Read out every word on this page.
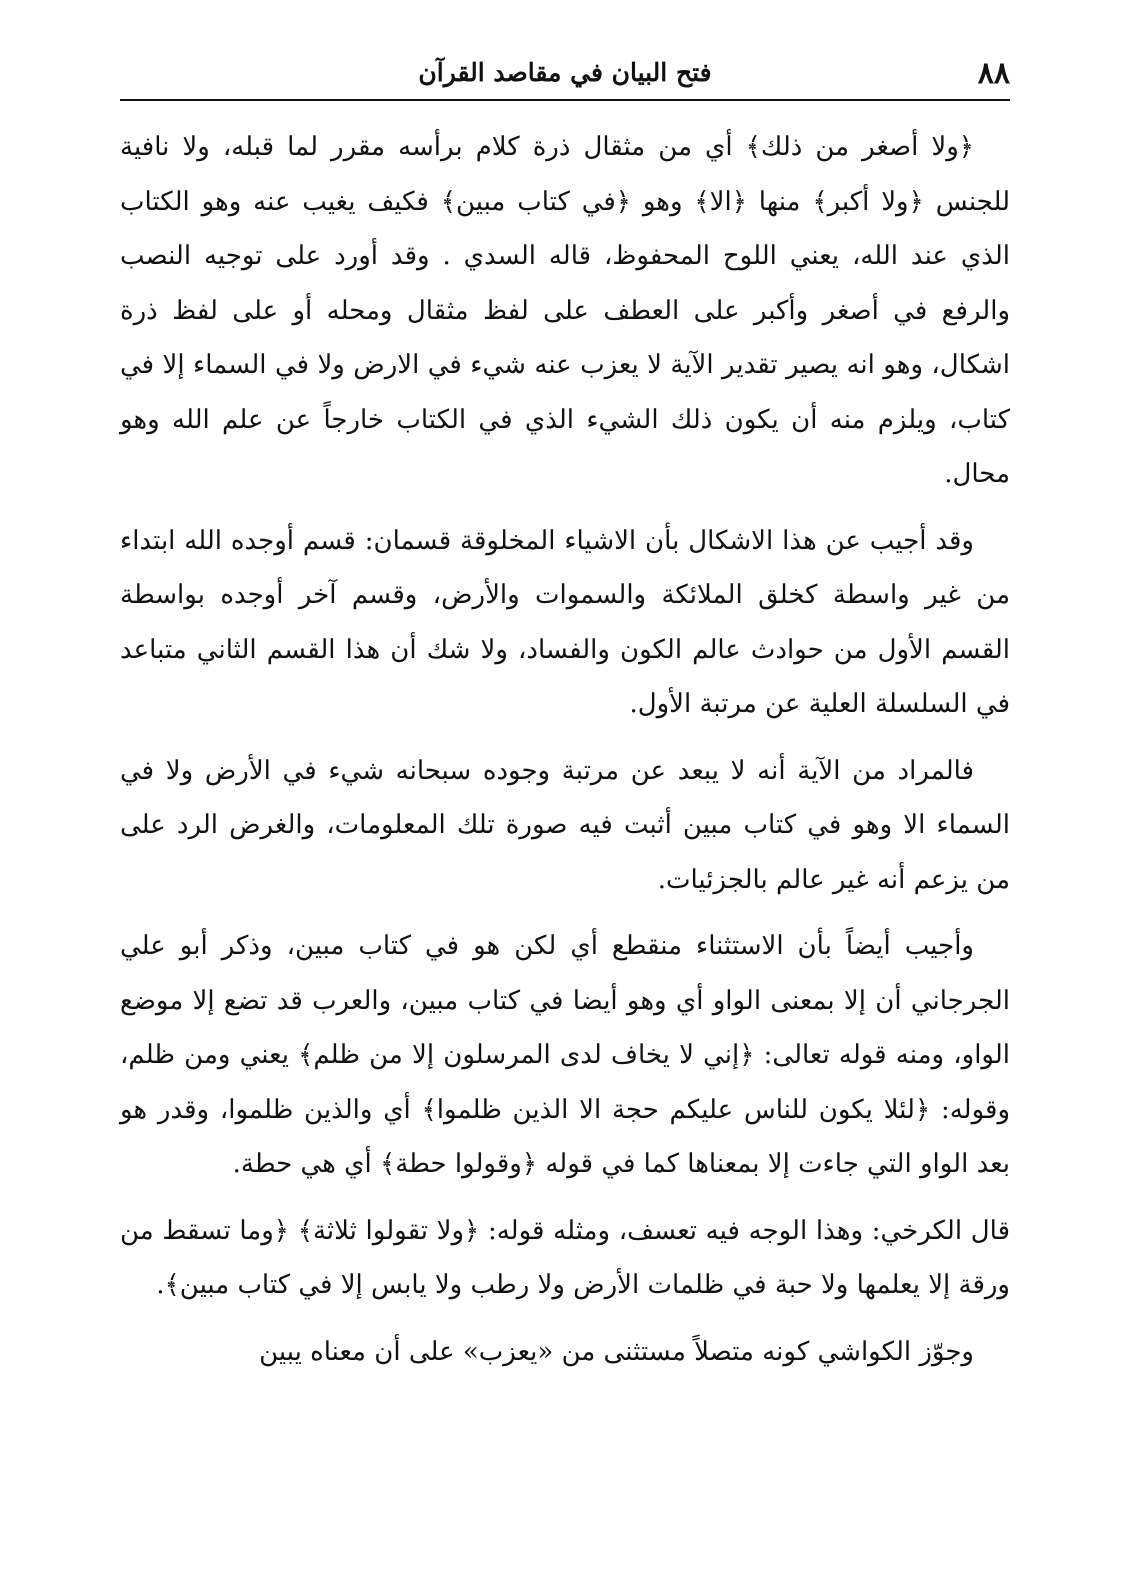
٨٨
فتح البيان في مقاصد القرآن

﴿ولا أصغر من ذلك﴾ أي من مثقال ذرة كلام برأسه مقرر لما قبله، ولا نافية للجنس ﴿ولا أكبر﴾ منها ﴿الا﴾ وهو ﴿في كتاب مبين﴾ فكيف يغيب عنه وهو الكتاب الذي عند الله، يعني اللوح المحفوظ، قاله السدي . وقد أورد على توجيه النصب والرفع في أصغر وأكبر على العطف على لفظ مثقال ومحله أو على لفظ ذرة اشكال، وهو انه يصير تقدير الآية لا يعزب عنه شيء في الارض ولا في السماء إلا في كتاب، ويلزم منه أن يكون ذلك الشيء الذي في الكتاب خارجاً عن علم الله وهو محال.

وقد أجيب عن هذا الاشكال بأن الاشياء المخلوقة قسمان: قسم أوجده الله ابتداء من غير واسطة كخلق الملائكة والسموات والأرض، وقسم آخر أوجده بواسطة القسم الأول من حوادث عالم الكون والفساد، ولا شك أن هذا القسم الثاني متباعد في السلسلة العلية عن مرتبة الأول.

فالمراد من الآية أنه لا يبعد عن مرتبة وجوده سبحانه شيء في الأرض ولا في السماء الا وهو في كتاب مبين أثبت فيه صورة تلك المعلومات، والغرض الرد على من يزعم أنه غير عالم بالجزئيات.

وأجيب أيضاً بأن الاستثناء منقطع أي لكن هو في كتاب مبين، وذكر أبو علي الجرجاني أن إلا بمعنى الواو أي وهو أيضا في كتاب مبين، والعرب قد تضع إلا موضع الواو، ومنه قوله تعالى: ﴿إني لا يخاف لدى المرسلون إلا من ظلم﴾ يعني ومن ظلم، وقوله: ﴿لئلا يكون للناس عليكم حجة الا الذين ظلموا﴾ أي والذين ظلموا، وقدر هو بعد الواو التي جاءت إلا بمعناها كما في قوله ﴿وقولوا حطة﴾ أي هي حطة.

قال الكرخي: وهذا الوجه فيه تعسف، ومثله قوله: ﴿ولا تقولوا ثلاثة﴾ ﴿وما تسقط من ورقة إلا يعلمها ولا حبة في ظلمات الأرض ولا رطب ولا يابس إلا في كتاب مبين﴾.

وجوّز الكواشي كونه متصلاً مستثنى من «يعزب» على أن معناه يبين
